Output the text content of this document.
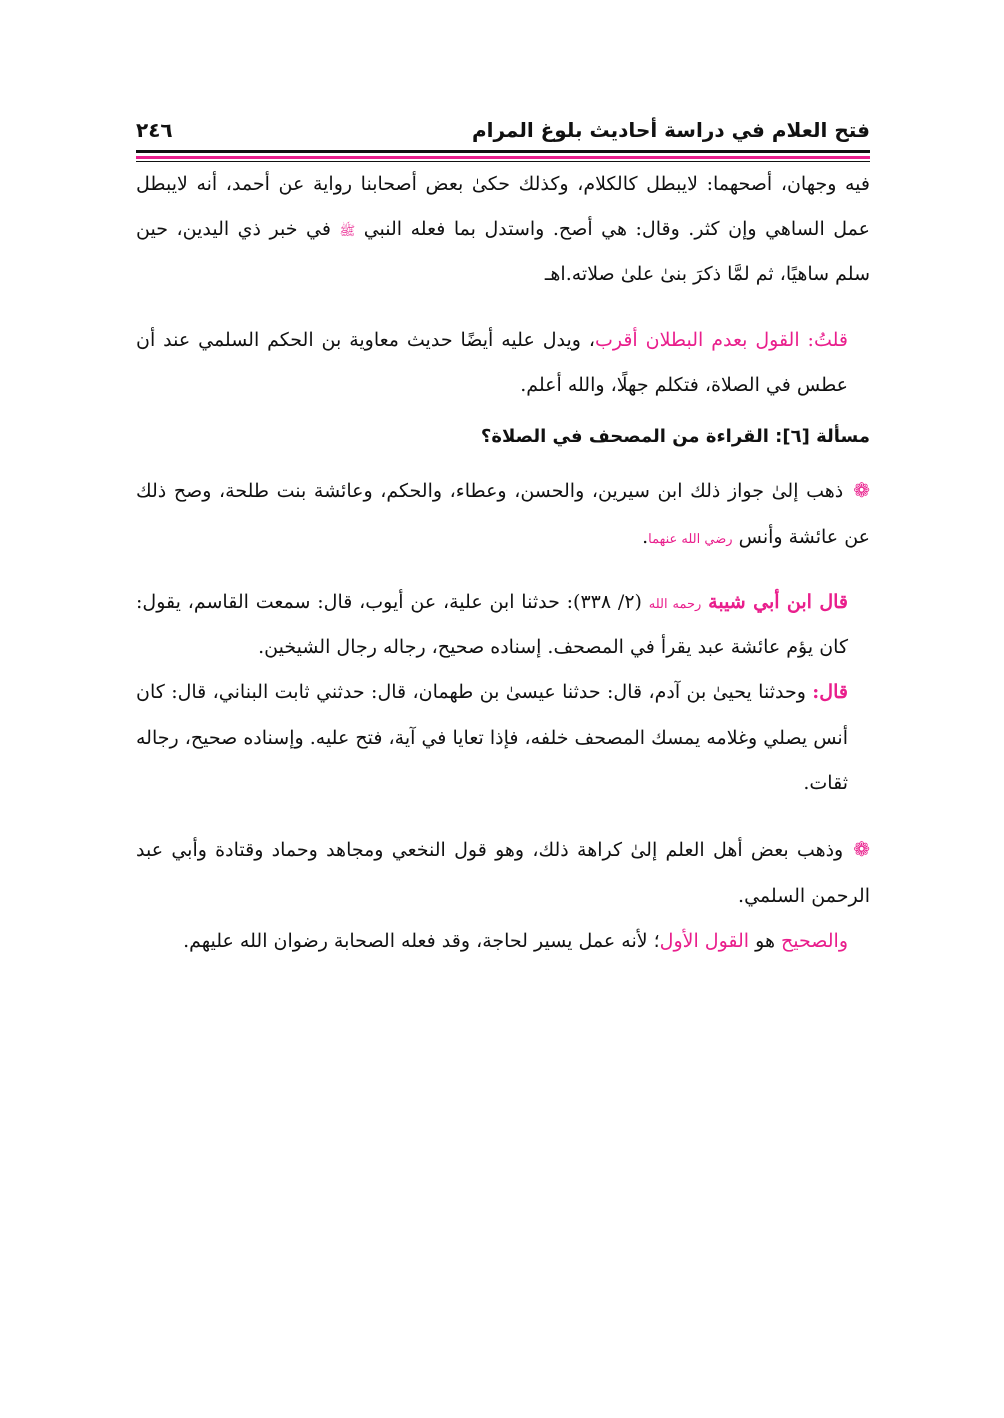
فتح العلام في دراسة أحاديث بلوغ المرام
٢٤٦

فيه وجهان، أصحهما: لايبطل كالكلام، وكذلك حكىٰ بعض أصحابنا رواية عن أحمد، أنه لايبطل عمل الساهي وإن كثر. وقال: هي أصح. واستدل بما فعله النبي ﷺ في خبر ذي اليدين، حين سلم ساهيًا، ثم لمَّا ذكرَ بنىٰ علىٰ صلاته.اهـ

قلتُ: القول بعدم البطلان أقرب، ويدل عليه أيضًا حديث معاوية بن الحكم السلمي عند أن عطس في الصلاة، فتكلم جهلًا، والله أعلم.

مسألة [٦]: القراءة من المصحف في الصلاة؟

❁ذهب إلىٰ جواز ذلك ابن سيرين، والحسن، وعطاء، والحكم، وعائشة بنت طلحة، وصح ذلك عن عائشة وأنس رضي الله عنهما.

قال ابن أبي شيبة رحمه الله (٢/ ٣٣٨): حدثنا ابن علية، عن أيوب، قال: سمعت القاسم، يقول: كان يؤم عائشة عبد يقرأ في المصحف. إسناده صحيح، رجاله رجال الشيخين.

قال: وحدثنا يحيىٰ بن آدم، قال: حدثنا عيسىٰ بن طهمان، قال: حدثني ثابت البناني، قال: كان أنس يصلي وغلامه يمسك المصحف خلفه، فإذا تعايا في آية، فتح عليه. وإسناده صحيح، رجاله ثقات.

❁وذهب بعض أهل العلم إلىٰ كراهة ذلك، وهو قول النخعي ومجاهد وحماد وقتادة وأبي عبد الرحمن السلمي.

والصحيح هو القول الأول؛ لأنه عمل يسير لحاجة، وقد فعله الصحابة رضوان الله عليهم.
